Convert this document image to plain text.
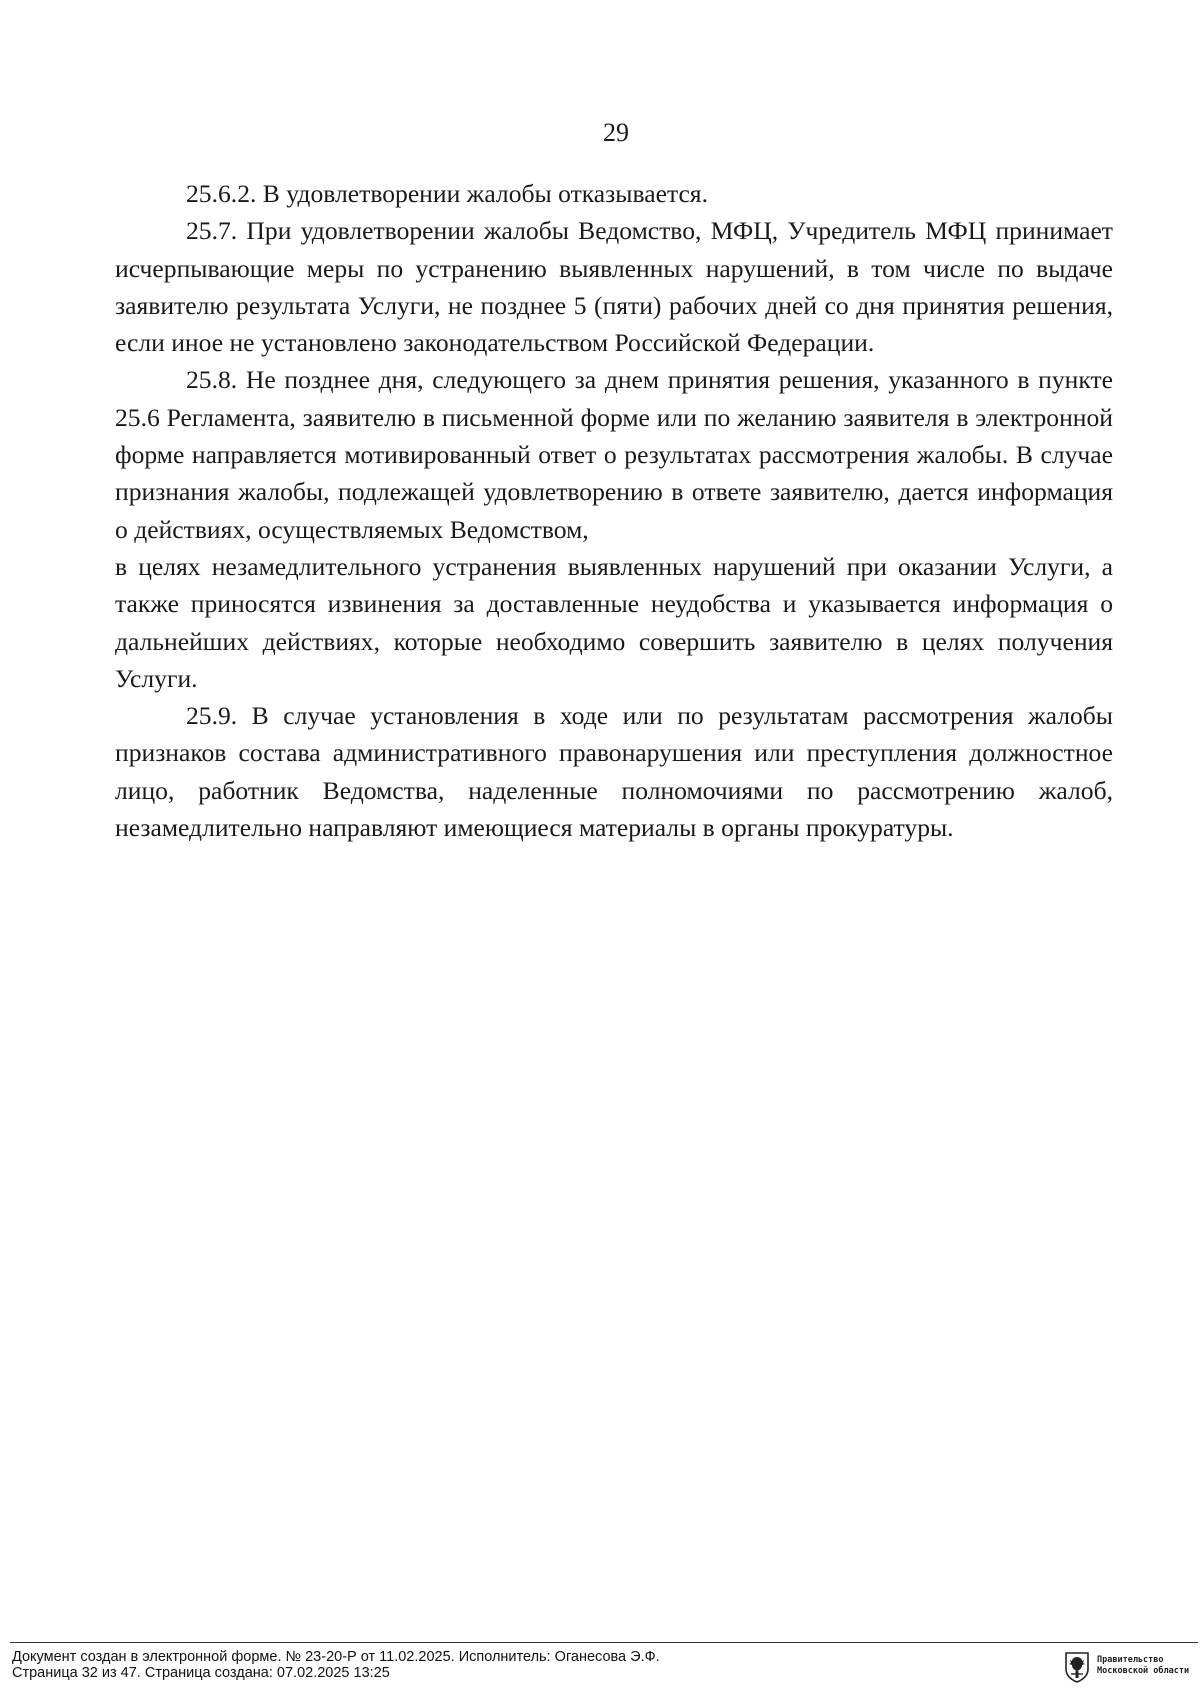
29

25.6.2. В удовлетворении жалобы отказывается.

25.7. При удовлетворении жалобы Ведомство, МФЦ, Учредитель МФЦ принимает исчерпывающие меры по устранению выявленных нарушений, в том числе по выдаче заявителю результата Услуги, не позднее 5 (пяти) рабочих дней со дня принятия решения, если иное не установлено законодательством Российской Федерации.

25.8. Не позднее дня, следующего за днем принятия решения, указанного в пункте 25.6 Регламента, заявителю в письменной форме или по желанию заявителя в электронной форме направляется мотивированный ответ о результатах рассмотрения жалобы. В случае признания жалобы, подлежащей удовлетворению в ответе заявителю, дается информация о действиях, осуществляемых Ведомством,

в целях незамедлительного устранения выявленных нарушений при оказании Услуги, а также приносятся извинения за доставленные неудобства и указывается информация о дальнейших действиях, которые необходимо совершить заявителю в целях получения Услуги.

25.9. В случае установления в ходе или по результатам рассмотрения жалобы признаков состава административного правонарушения или преступления должностное лицо, работник Ведомства, наделенные полномочиями по рассмотрению жалоб, незамедлительно направляют имеющиеся материалы в органы прокуратуры.

Документ создан в электронной форме. № 23-20-Р от 11.02.2025. Исполнитель: Оганесова Э.Ф.
Страница 32 из 47. Страница создана: 07.02.2025 13:25
Правительство
Московской области
